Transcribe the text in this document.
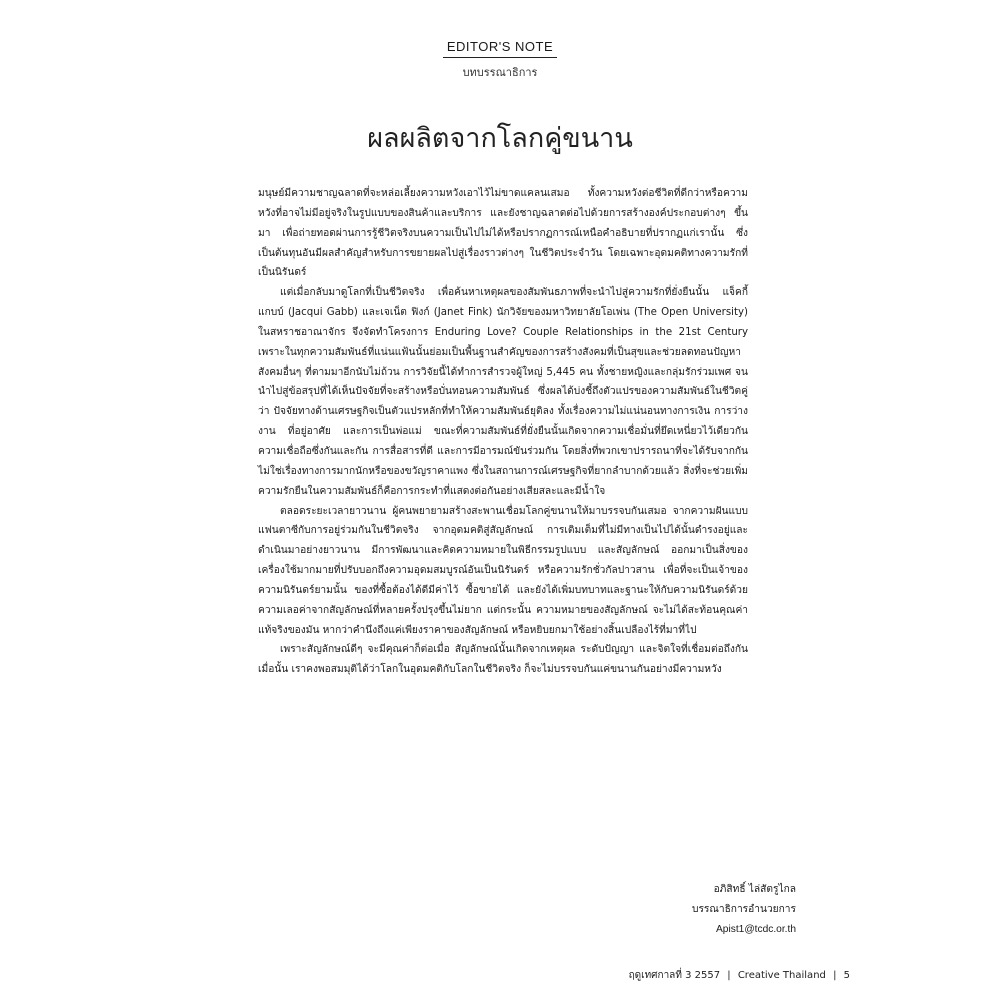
EDITOR'S NOTE
บทบรรณาธิการ
ผลผลิตจากโลกคู่ขนาน

มนุษย์มีความชาญฉลาดที่จะหล่อเลี้ยงความหวังเอาไว้ไม่ขาดแคลนเสมอ ทั้งความหวังต่อชีวิตที่ดีกว่าหรือความหวังที่อาจไม่มีอยู่จริงในรูปแบบของสินค้าและบริการ และยังชาญฉลาดต่อไปด้วยการสร้างองค์ประกอบต่างๆ ขึ้นมา เพื่อถ่ายทอดผ่านการรู้ชีวิตจริงบนความเป็นไปไม่ได้หรือปรากฏการณ์เหนือคำอธิบายที่ปรากฏแก่เรานั้น ซึ่งเป็นต้นทุนอันมีผลสำคัญสำหรับการขยายผลไปสู่เรื่องราวต่างๆ ในชีวิตประจำวัน โดยเฉพาะอุดมคติทางความรักที่เป็นนิรันดร์

แต่เมื่อกลับมาดูโลกที่เป็นชีวิตจริง เพื่อค้นหาเหตุผลของสัมพันธภาพที่จะนำไปสู่ความรักที่ยั่งยืนนั้น แจ็คกี้ แกบบ์ (Jacqui Gabb) และเจเน็ต ฟิงก์ (Janet Fink) นักวิจัยของมหาวิทยาลัยโอเพ่น (The Open University) ในสหราชอาณาจักร จึงจัดทำโครงการ Enduring Love? Couple Relationships in the 21st Century เพราะในทุกความสัมพันธ์ที่แน่นแฟ้นนั้นย่อมเป็นพื้นฐานสำคัญของการสร้างสังคมที่เป็นสุขและช่วยลดทอนปัญหาสังคมอื่นๆ ที่ตามมาอีกนับไม่ถ้วน การวิจัยนี้ได้ทำการสำรวจผู้ใหญ่ 5,445 คน ทั้งชายหญิงและกลุ่มรักร่วมเพศ จนนำไปสู่ข้อสรุปที่ได้เห็นปัจจัยที่จะสร้างหรือบั่นทอนความสัมพันธ์ ซึ่งผลได้บ่งชี้ถึงตัวแปรของความสัมพันธ์ในชีวิตคู่ว่า ปัจจัยทางด้านเศรษฐกิจเป็นตัวแปรหลักที่ทำให้ความสัมพันธ์ยุติลง ทั้งเรื่องความไม่แน่นอนทางการเงิน การว่างงาน ที่อยู่อาศัย และการเป็นพ่อแม่ ขณะที่ความสัมพันธ์ที่ยั่งยืนนั้นเกิดจากความเชื่อมั่นที่ยึดเหนี่ยวไว้เดียวกัน ความเชื่อถือซึ่งกันและกัน การสื่อสารที่ดี และการมีอารมณ์ขันร่วมกัน โดยสิ่งที่พวกเขาปรารถนาที่จะได้รับจากกัน ไม่ใช่เรื่องทางการมากนักหรือของขวัญราคาแพง ซึ่งในสถานการณ์เศรษฐกิจที่ยากลำบากด้วยแล้ว สิ่งที่จะช่วยเพิ่มความรักยืนในความสัมพันธ์ก็คือการกระทำที่แสดงต่อกันอย่างเสียสละและมีน้ำใจ

ตลอดระยะเวลายาวนาน ผู้คนพยายามสร้างสะพานเชื่อมโลกคู่ขนานให้มาบรรจบกันเสมอ จากความฝันแบบแฟนตาซีกับการอยู่ร่วมกันในชีวิตจริง จากอุดมคติสู่สัญลักษณ์ การเติมเต็มที่ไม่มีทางเป็นไปได้นั้นดำรงอยู่และดำเนินมาอย่างยาวนาน มีการพัฒนาและคิดความหมายในพิธีกรรมรูปแบบ และสัญลักษณ์ ออกมาเป็นสิ่งของเครื่องใช้มากมายที่ปรับบอกถึงความอุดมสมบูรณ์อันเป็นนิรันดร์ หรือความรักชั่วกัลปาวสาน เพื่อที่จะเป็นเจ้าของความนิรันดร์ยามนั้น ของที่ซื้อต้องได้ดีมีค่าไว้ ซื้อขายได้ และยังได้เพิ่มบทบาทและฐานะให้กับความนิรันดร์ด้วยความเลอค่าจากสัญลักษณ์ที่หลายครั้งปรุงขึ้นไม่ยาก แต่กระนั้น ความหมายของสัญลักษณ์ จะไม่ได้สะท้อนคุณค่าแท้จริงของมัน หากว่าคำนึงถึงแค่เพียงราคาของสัญลักษณ์ หรือหยิบยกมาใช้อย่างสิ้นเปลืองไร้ที่มาที่ไป

เพราะสัญลักษณ์ดีๆ จะมีคุณค่าก็ต่อเมื่อ สัญลักษณ์นั้นเกิดจากเหตุผล ระดับปัญญา และจิตใจที่เชื่อมต่อถึงกัน เมื่อนั้น เราคงพอสมมุติได้ว่าโลกในอุดมคติกับโลกในชีวิตจริง ก็จะไม่บรรจบกันแค่ขนานกันอย่างมีความหวัง

อภิสิทธิ์ ไล่สัตรูไกล
บรรณาธิการอำนวยการ
Apist1@tcdc.or.th
ฤดูเทศกาลที่ 3 2557 | Creative Thailand | 5
